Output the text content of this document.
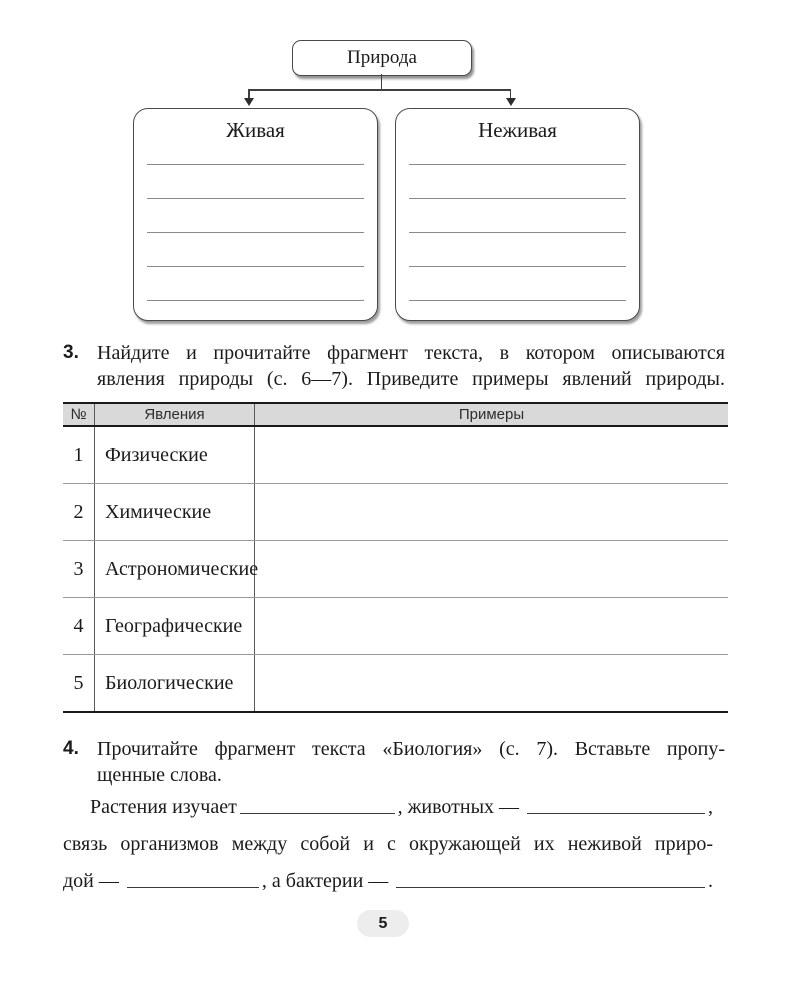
Природа
Живая	Неживая
3. Найдите и прочитайте фрагмент текста, в котором описываются
явления природы (с. 6—7). Приведите примеры явлений природы.
№	Явления	Примеры
1	Физические
2	Химические
3	Астрономические
4	Географические
5	Биологические
4. Прочитайте фрагмент текста «Биология» (с. 7). Вставьте пропу-
щенные слова.
Растения изучает	, животных —	,
связь организмов между собой и с окружающей их неживой приро-
дой —	, а бактерии —	.
5
